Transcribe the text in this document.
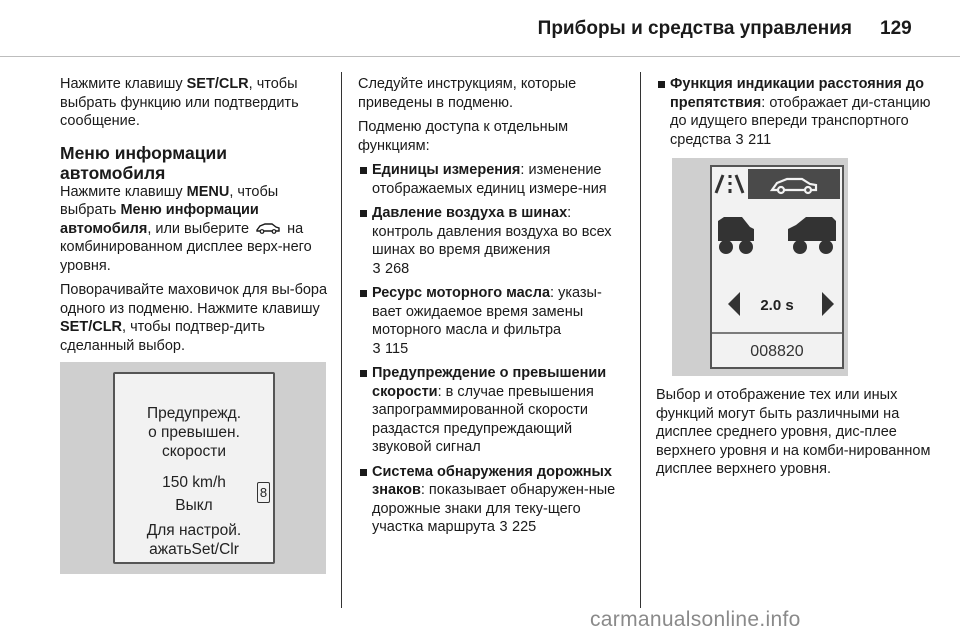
Приборы и средства управления 129

Нажмите клавишу SET/CLR, чтобы выбрать функцию или подтвердить сообщение.

Меню информации
автомобиля

Нажмите клавишу MENU, чтобы выбрать Меню информации
автомобиля, или выберите  на комбинированном дисплее верх-него уровня.

Поворачивайте маховичок для вы-бора одного из подменю. Нажмите клавишу SET/CLR, чтобы подтвер-дить сделанный выбор.

Предупрежд.
о превышен.
скорости
150 km/h
Выкл
Для настрой.
ажатьSet/Clr
8

Следуйте инструкциям, которые приведены в подменю.

Подменю доступа к отдельным функциям:

Единицы измерения: изменение отображаемых единиц измере-ния
Давление воздуха в шинах: контроль давления воздуха во всех шинах во время движения
3 268
Ресурс моторного масла: указы-вает ожидаемое время замены моторного масла и фильтра
3 115
Предупреждение о превышении скорости: в случае превышения запрограммированной скорости раздастся предупреждающий звуковой сигнал
Система обнаружения дорожных знаков: показывает обнаружен-ные дорожные знаки для теку-щего участка маршрута 3 225
Функция индикации расстояния до препятствия: отображает ди-станцию до идущего впереди транспортного средства 3 211
2.0 s
008820

Выбор и отображение тех или иных функций могут быть различными на дисплее среднего уровня, дис-плее верхнего уровня и на комби-нированном дисплее верхнего уровня.

carmanualsonline.info
